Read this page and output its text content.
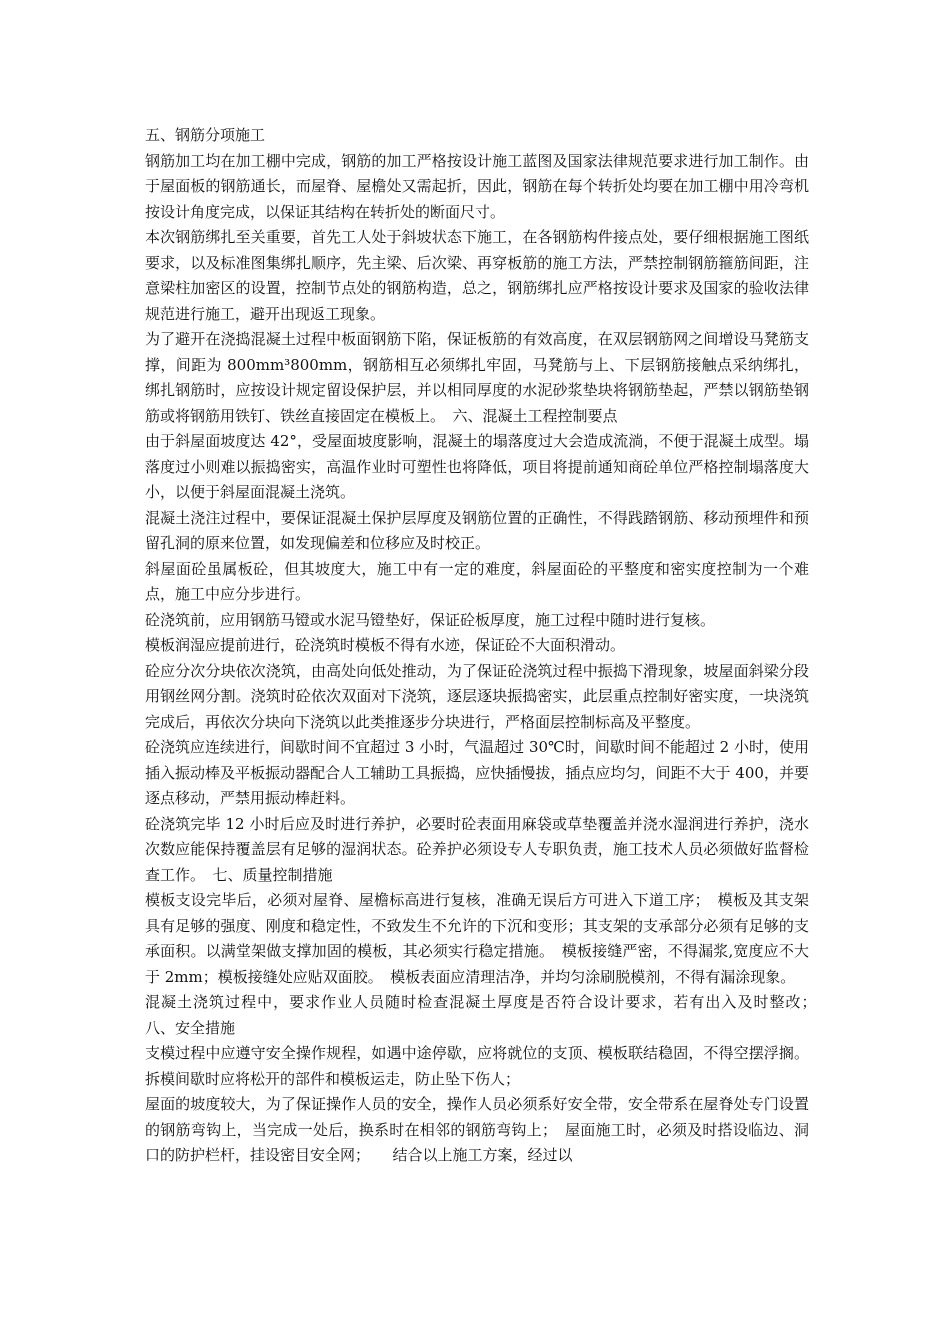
五、钢筋分项施工

钢筋加工均在加工棚中完成，钢筋的加工严格按设计施工蓝图及国家法律规范要求进行加工制作。由于屋面板的钢筋通长，而屋脊、屋檐处又需起折，因此，钢筋在每个转折处均要在加工棚中用冷弯机按设计角度完成，以保证其结构在转折处的断面尺寸。

本次钢筋绑扎至关重要，首先工人处于斜坡状态下施工，在各钢筋构件接点处，要仔细根据施工图纸要求，以及标准图集绑扎顺序，先主梁、后次梁、再穿板筋的施工方法，严禁控制钢筋箍筋间距，注意梁柱加密区的设置，控制节点处的钢筋构造，总之，钢筋绑扎应严格按设计要求及国家的验收法律规范进行施工，避开出现返工现象。

为了避开在浇捣混凝土过程中板面钢筋下陷，保证板筋的有效高度，在双层钢筋网之间增设马凳筋支撑，间距为 800mm³800mm，钢筋相互必须绑扎牢固，马凳筋与上、下层钢筋接触点采纳绑扎，绑扎钢筋时，应按设计规定留设保护层，并以相同厚度的水泥砂浆垫块将钢筋垫起，严禁以钢筋垫钢筋或将钢筋用铁钉、铁丝直接固定在模板上。　六、混凝土工程控制要点

由于斜屋面坡度达 42°，受屋面坡度影响，混凝土的塌落度过大会造成流淌，不便于混凝土成型。塌落度过小则难以振捣密实，高温作业时可塑性也将降低，项目将提前通知商砼单位严格控制塌落度大小，以便于斜屋面混凝土浇筑。

混凝土浇注过程中，要保证混凝土保护层厚度及钢筋位置的正确性，不得践踏钢筋、移动预埋件和预留孔洞的原来位置，如发现偏差和位移应及时校正。

斜屋面砼虽属板砼，但其坡度大，施工中有一定的难度，斜屋面砼的平整度和密实度控制为一个难点，施工中应分步进行。

砼浇筑前，应用钢筋马镫或水泥马镫垫好，保证砼板厚度，施工过程中随时进行复核。

模板润湿应提前进行，砼浇筑时模板不得有水迹，保证砼不大面积滑动。

砼应分次分块依次浇筑，由高处向低处推动，为了保证砼浇筑过程中振捣下滑现象，坡屋面斜梁分段用钢丝网分割。浇筑时砼依次双面对下浇筑，逐层逐块振捣密实，此层重点控制好密实度，一块浇筑完成后，再依次分块向下浇筑以此类推逐步分块进行，严格面层控制标高及平整度。

砼浇筑应连续进行，间歇时间不宜超过 3 小时，气温超过 30℃时，间歇时间不能超过 2 小时，使用插入振动棒及平板振动器配合人工辅助工具振捣，应快插慢拔，插点应均匀，间距不大于 400，并要逐点移动，严禁用振动棒赶料。

砼浇筑完毕 12 小时后应及时进行养护，必要时砼表面用麻袋或草垫覆盖并浇水湿润进行养护，浇水次数应能保持覆盖层有足够的湿润状态。砼养护必须设专人专职负责，施工技术人员必须做好监督检查工作。　七、质量控制措施

模板支设完毕后，必须对屋脊、屋檐标高进行复核，准确无误后方可进入下道工序；　模板及其支架具有足够的强度、刚度和稳定性，不致发生不允许的下沉和变形；其支架的支承部分必须有足够的支承面积。以满堂架做支撑加固的模板，其必须实行稳定措施。　模板接缝严密，不得漏浆,宽度应不大于 2mm；模板接缝处应贴双面胶。　模板表面应清理洁净，并均匀涂刷脱模剂，不得有漏涂现象。

混凝土浇筑过程中，要求作业人员随时检查混凝土厚度是否符合设计要求，若有出入及时整改；　八、安全措施

支模过程中应遵守安全操作规程，如遇中途停歇，应将就位的支顶、模板联结稳固，不得空摆浮搁。拆模间歇时应将松开的部件和模板运走，防止坠下伤人；

屋面的坡度较大，为了保证操作人员的安全，操作人员必须系好安全带，安全带系在屋脊处专门设置的钢筋弯钩上，当完成一处后，换系时在相邻的钢筋弯钩上；　屋面施工时，必须及时搭设临边、洞口的防护栏杆，挂设密目安全网；　　结合以上施工方案，经过以
